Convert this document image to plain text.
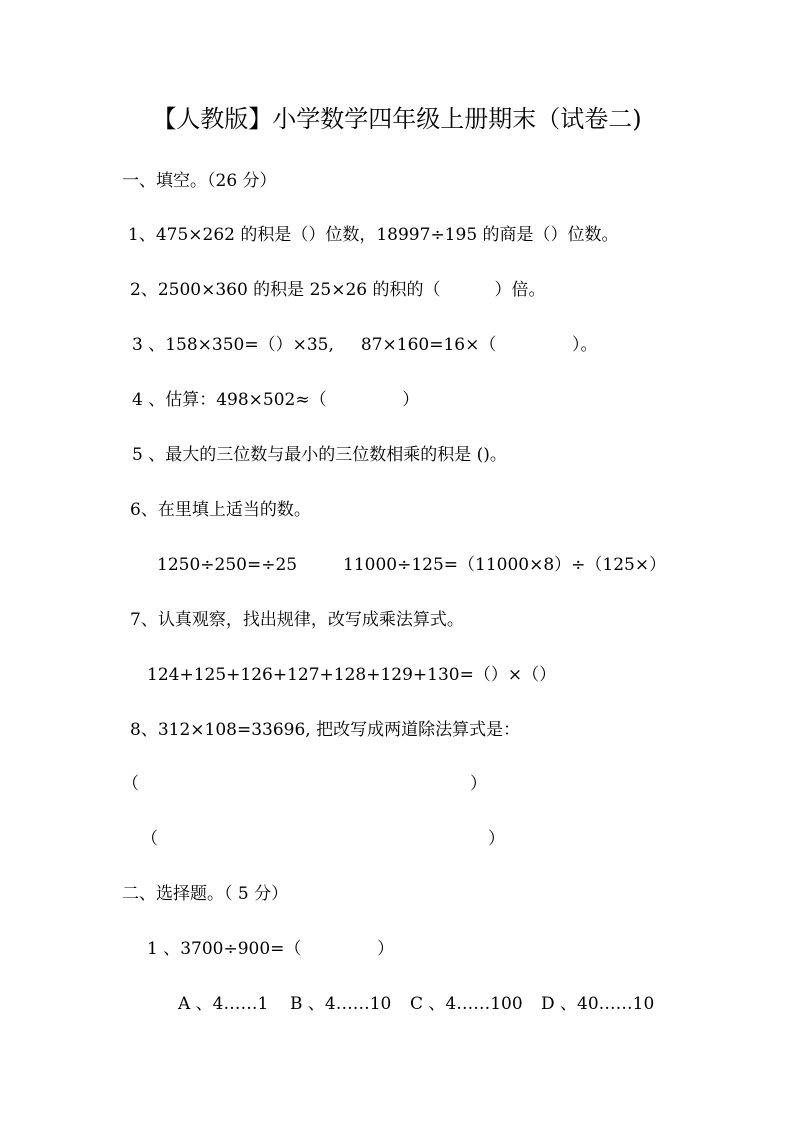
【人教版】小学数学四年级上册期末（试卷二)
一、填空。（26 分）
1、475×262 的积是（）位数，18997÷195 的商是（）位数。
2、2500×360 的积是 25×26 的积的（          ）倍。
3 、158×350=（）×35,     87×160=16×（              ）。
4 、估算：498×502≈（              ）
5 、最大的三位数与最小的三位数相乘的积是 ()。
6、在里填上适当的数。
1250÷250=÷25	11000÷125=（11000×8）÷（125×）
7、认真观察，找出规律，改写成乘法算式。
124+125+126+127+128+129+130=（）×（）
8、312×108=33696, 把改写成两道除法算式是：
（	）
（	）
二、选择题。（ 5 分）
1 、3700÷900=（              ）
A 、4……1 B 、4……10 C 、4……100 D 、40……10
